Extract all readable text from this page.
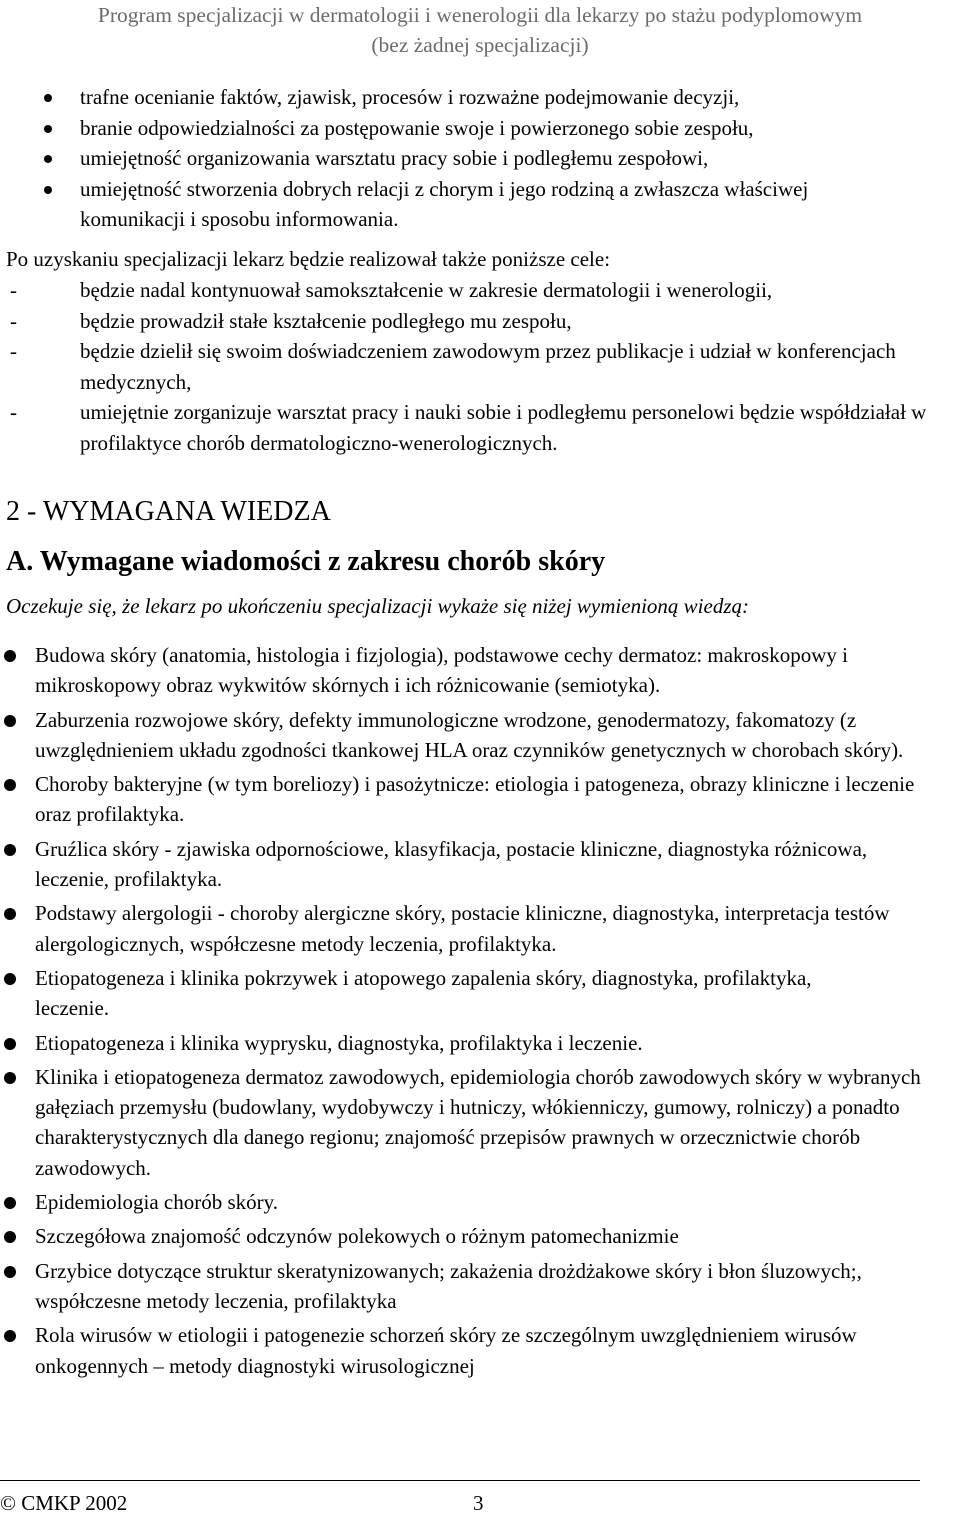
Program specjalizacji w dermatologii i wenerologii dla lekarzy po stażu podyplomowym
(bez żadnej specjalizacji)
trafne ocenianie faktów, zjawisk, procesów i rozważne podejmowanie decyzji,
branie odpowiedzialności za postępowanie swoje i powierzonego sobie zespołu,
umiejętność organizowania warsztatu pracy sobie i podległemu zespołowi,
umiejętność stworzenia dobrych relacji z chorym i jego rodziną a zwłaszcza właściwej komunikacji i sposobu informowania.
Po uzyskaniu specjalizacji lekarz będzie realizował także poniższe cele:
-	będzie nadal kontynuował samokształcenie w zakresie dermatologii i wenerologii,
-	będzie prowadził stałe kształcenie podległego mu zespołu,
-	będzie dzielił się swoim doświadczeniem zawodowym przez publikacje i udział w konferencjach medycznych,
-	umiejętnie zorganizuje warsztat pracy i nauki sobie i podległemu personelowi będzie współdziałał w profilaktyce chorób dermatologiczno-wenerologicznych.
2 - WYMAGANA WIEDZA
A. Wymagane wiadomości z zakresu chorób skóry
Oczekuje się, że lekarz po ukończeniu specjalizacji wykaże się niżej wymienioną wiedzą:
Budowa skóry (anatomia, histologia i fizjologia), podstawowe cechy dermatoz: makroskopowy i mikroskopowy obraz wykwitów skórnych i ich różnicowanie (semiotyka).
Zaburzenia rozwojowe skóry, defekty immunologiczne wrodzone, genodermatozy, fakomatozy (z uwzględnieniem układu zgodności tkankowej HLA oraz czynników genetycznych w chorobach skóry).
Choroby bakteryjne (w tym boreliozy) i pasożytnicze: etiologia i patogeneza, obrazy kliniczne i leczenie oraz profilaktyka.
Gruźlica skóry - zjawiska odpornościowe, klasyfikacja, postacie kliniczne, diagnostyka różnicowa, leczenie, profilaktyka.
Podstawy alergologii - choroby alergiczne skóry, postacie kliniczne, diagnostyka, interpretacja testów alergologicznych, współczesne metody leczenia, profilaktyka.
Etiopatogeneza i klinika pokrzywek i atopowego zapalenia skóry, diagnostyka, profilaktyka, leczenie.
Etiopatogeneza i klinika wyprysku, diagnostyka, profilaktyka i leczenie.
Klinika i etiopatogeneza dermatoz zawodowych, epidemiologia chorób zawodowych skóry w wybranych gałęziach przemysłu (budowlany, wydobywczy i hutniczy, włókienniczy, gumowy, rolniczy) a ponadto charakterystycznych dla danego regionu; znajomość przepisów prawnych w orzecznictwie chorób zawodowych.
Epidemiologia chorób skóry.
Szczegółowa znajomość odczynów polekowych o różnym patomechanizmie
Grzybice dotyczące struktur skeratynizowanych; zakażenia drożdżakowe skóry i błon śluzowych;, współczesne metody leczenia, profilaktyka
Rola wirusów w etiologii i patogenezie schorzeń skóry ze szczególnym uwzględnieniem wirusów onkogennych – metody diagnostyki wirusologicznej
© CMKP 2002	3
